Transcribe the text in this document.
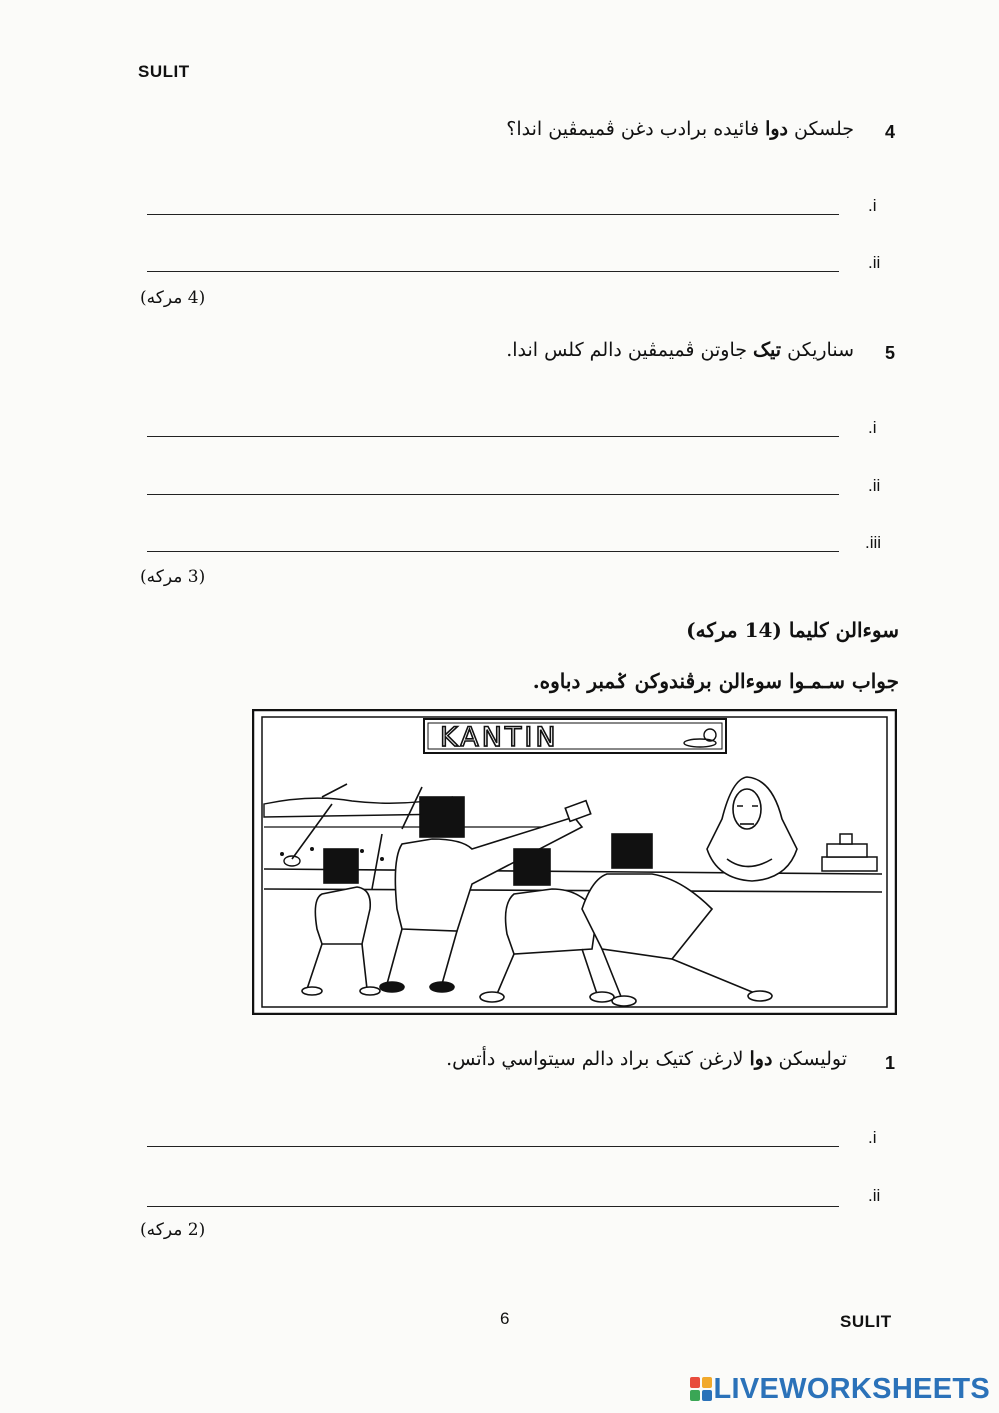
SULIT
4
جلسكن دوا فائيده برادب دغن ڤميمڤين اندا؟
.i
.ii
(4 مرکه)
5
سناريکن تيک جاوتن ڤميمڤين دالم کلس اندا.
.i
.ii
.iii
(3 مرکه)
سوءالن کليما (14 مرکه)
جواب سـمـوا سوءالن برڤندوکن ݢمبر دباوه.
KANTIN
1
توليسکن دوا لارغن کتيک براد دالم سيتواسي دأتس.
.i
.ii
(2 مرکه)
6	SULIT
LIVEWORKSHEETS
